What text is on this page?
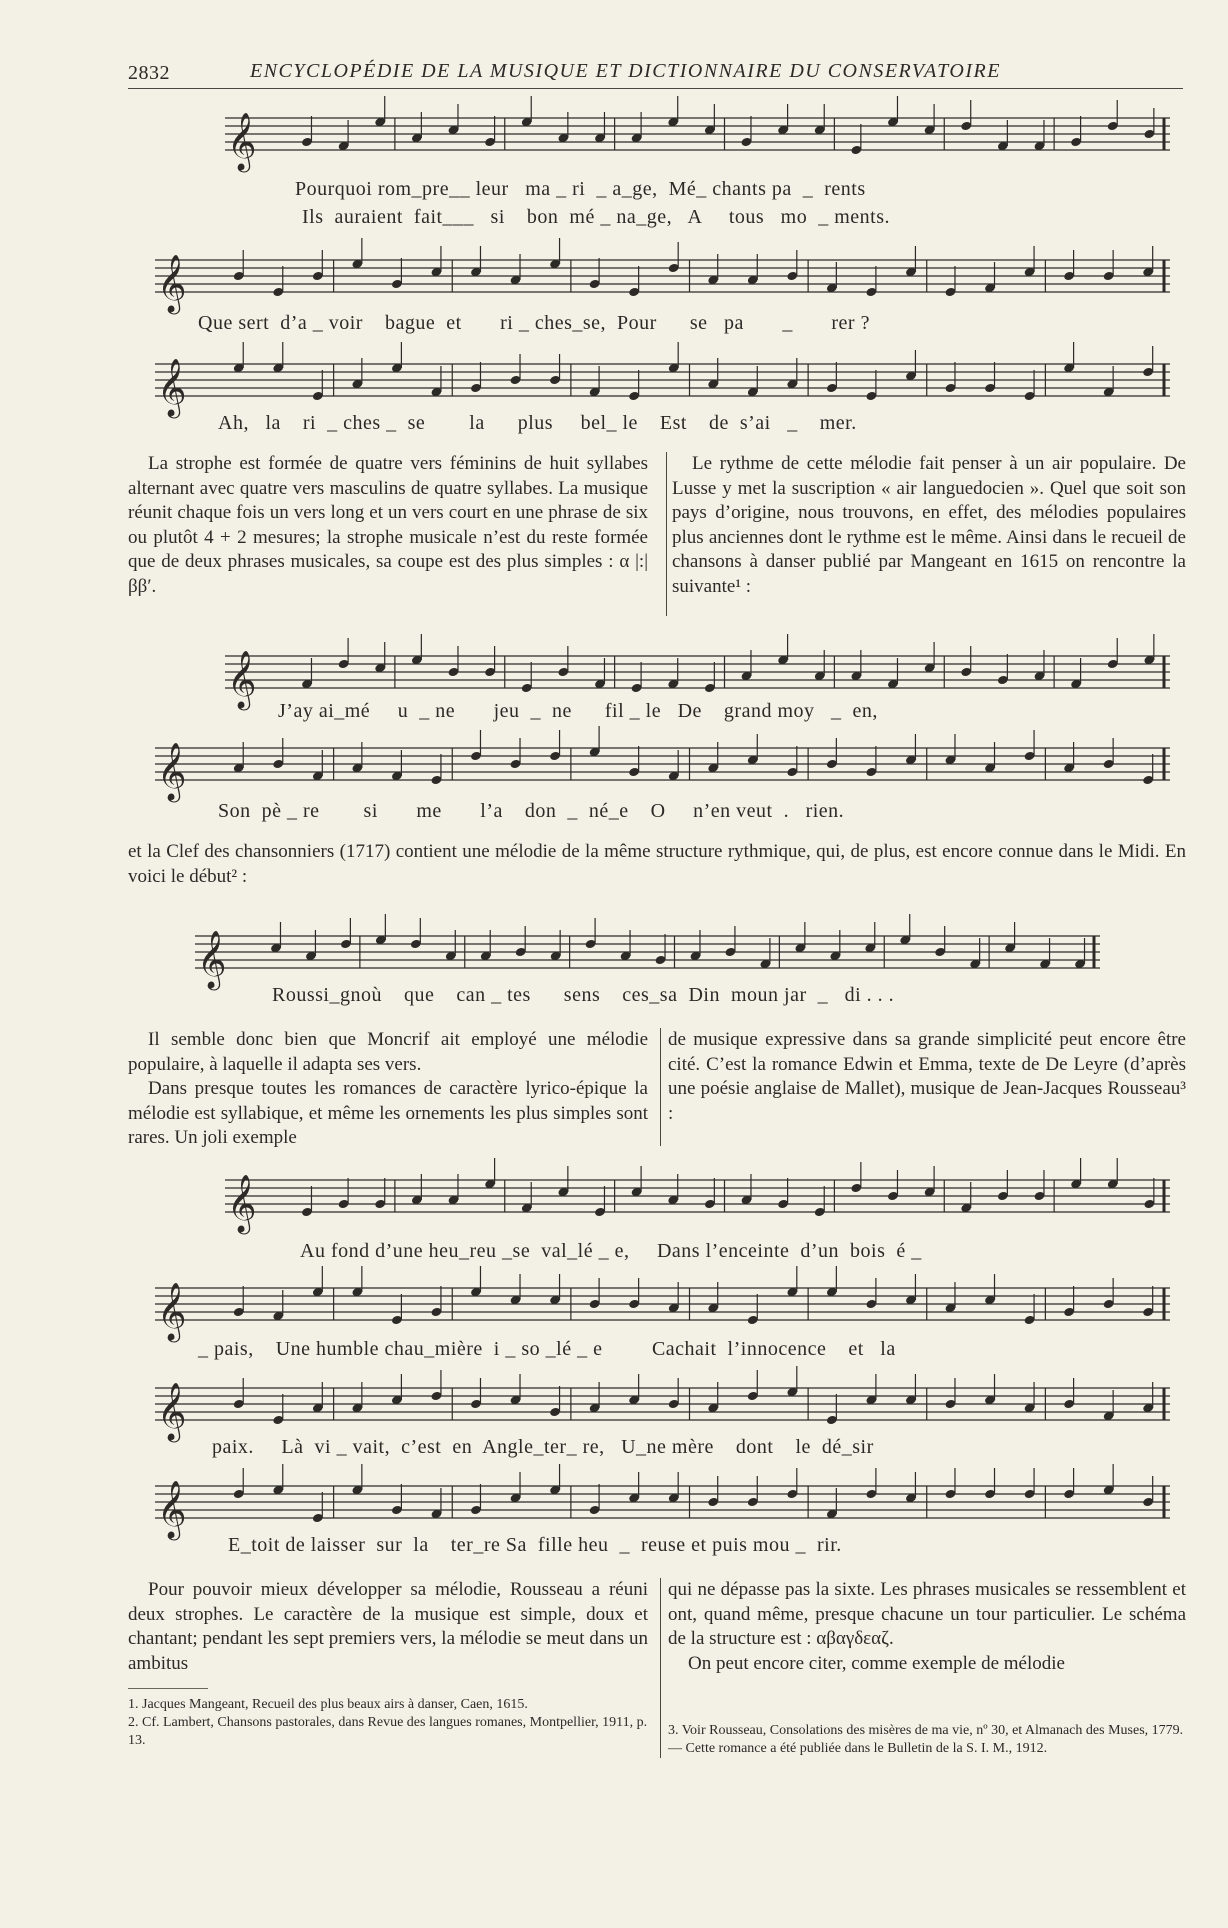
2832	ENCYCLOPÉDIE DE LA MUSIQUE ET DICTIONNAIRE DU CONSERVATOIRE
𝄞
Pourquoi rom_pre__ leur   ma _ ri  _ a_ge,  Mé_ chants pa  _  rents
Ils  auraient  fait___   si    bon  mé _ na_ge,   A     tous   mo  _ ments.
𝄞
Que sert  d’a _ voir    bague  et       ri _ ches_se,  Pour      se   pa       _       rer ?
𝄞
Ah,   la    ri  _ ches _  se        la      plus     bel_ le    Est    de  s’ai   _    mer.

La strophe est formée de quatre vers féminins de huit syllabes alternant avec quatre vers masculins de quatre syllabes. La musique réunit chaque fois un vers long et un vers court en une phrase de six ou plutôt 4 + 2 mesures; la strophe musicale n’est du reste formée que de deux phrases musicales, sa coupe est des plus simples : α |:|ββ′.

Le rythme de cette mélodie fait penser à un air populaire. De Lusse y met la suscription « air languedocien ». Quel que soit son pays d’origine, nous trouvons, en effet, des mélodies populaires plus anciennes dont le rythme est le même. Ainsi dans le recueil de chansons à danser publié par Mangeant en 1615 on rencontre la suivante¹ :

𝄞
J’ay ai_mé     u  _ ne       jeu  _  ne      fil _ le   De    grand moy   _  en,
𝄞
Son  pè _ re        si       me       l’a    don  _  né_e    O     n’en veut  .   rien.

et la Clef des chansonniers (1717) contient une mélodie de la même structure rythmique, qui, de plus, est encore connue dans le Midi. En voici le début² :

𝄞
Roussi_gnoù    que    can _ tes      sens    ces_sa  Din  moun jar  _   di . . .

Il semble donc bien que Moncrif ait employé une mélodie populaire, à laquelle il adapta ses vers.

Dans presque toutes les romances de caractère lyrico-épique la mélodie est syllabique, et même les ornements les plus simples sont rares. Un joli exemple

de musique expressive dans sa grande simplicité peut encore être cité. C’est la romance Edwin et Emma, texte de De Leyre (d’après une poésie anglaise de Mallet), musique de Jean-Jacques Rousseau³ :

𝄞
Au fond d’une heu_reu _se  val_lé _ e,     Dans l’enceinte  d’un  bois  é _
𝄞
_ pais,    Une humble chau_mière  i _ so _lé _ e         Cachait  l’innocence    et   la
𝄞
paix.     Là  vi _ vait,  c’est  en  Angle_ter_ re,   U_ne mère    dont    le  dé_sir
𝄞
E_toit de laisser  sur  la    ter_re Sa  fille heu  _  reuse et puis mou _  rir.

Pour pouvoir mieux développer sa mélodie, Rousseau a réuni deux strophes. Le caractère de la musique est simple, doux et chantant; pendant les sept premiers vers, la mélodie se meut dans un ambitus

qui ne dépasse pas la sixte. Les phrases musicales se ressemblent et ont, quand même, presque chacune un tour particulier. Le schéma de la structure est : αβαγδεαζ.

On peut encore citer, comme exemple de mélodie

1. Jacques Mangeant, Recueil des plus beaux airs à danser, Caen, 1615.
2. Cf. Lambert, Chansons pastorales, dans Revue des langues romanes, Montpellier, 1911, p. 13.
3. Voir Rousseau, Consolations des misères de ma vie, nº 30, et Almanach des Muses, 1779. — Cette romance a été publiée dans le Bulletin de la S. I. M., 1912.
